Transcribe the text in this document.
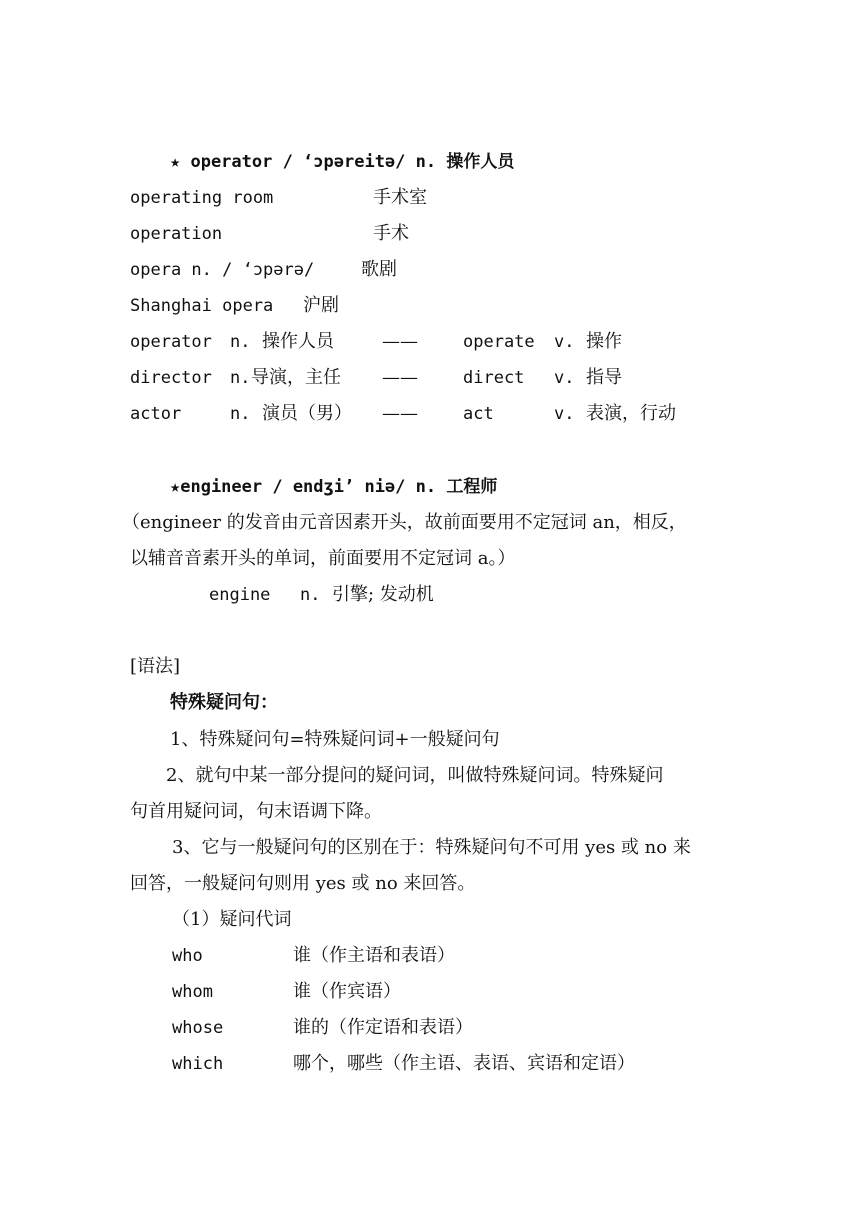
★ operator / ‘ɔpəreitə/ n. 操作人员
operating room	手术室
operation	手术
opera n. / ‘ɔpərə/	歌剧
Shanghai opera 沪剧
operator n. 操作人员	——	operate v. 操作
director n. 导演，主任 ——	direct v. 指导
actor	n. 演员（男） ——	act	v. 表演，行动
★engineer / endʒi’ niə/ n. 工程师
（engineer 的发音由元音因素开头，故前面要用不定冠词 an，相反，
以辅音音素开头的单词，前面要用不定冠词 a。）
engine n. 引擎; 发动机
[语法]
特殊疑问句：
1、特殊疑问句=特殊疑问词+一般疑问句
2、就句中某一部分提问的疑问词，叫做特殊疑问词。特殊疑问
句首用疑问词，句末语调下降。
3、它与一般疑问句的区别在于：特殊疑问句不可用 yes 或 no 来
回答，一般疑问句则用 yes 或 no 来回答。
（1）疑问代词
who	谁（作主语和表语）
whom	谁（作宾语）
whose	谁的（作定语和表语）
which	哪个，哪些（作主语、表语、宾语和定语）
